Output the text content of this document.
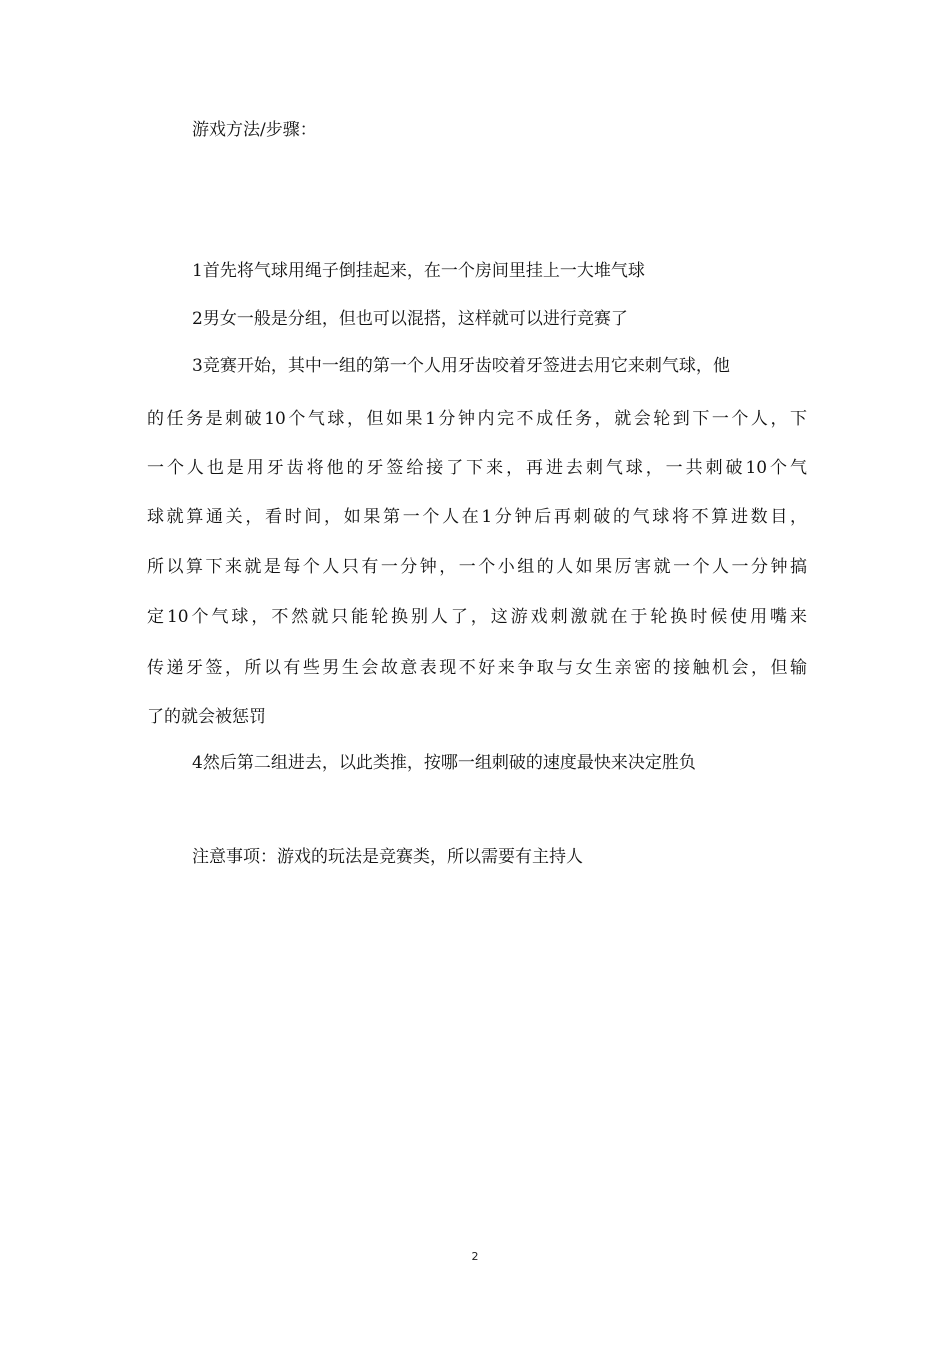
游戏方法/步骤：
1首先将气球用绳子倒挂起来，在一个房间里挂上一大堆气球
2男女一般是分组，但也可以混搭，这样就可以进行竞赛了
3竞赛开始，其中一组的第一个人用牙齿咬着牙签进去用它来刺气球，他
的任务是刺破10个气球，但如果1分钟内完不成任务，就会轮到下一个人，下
一个人也是用牙齿将他的牙签给接了下来，再进去刺气球，一共刺破10个气
球就算通关，看时间，如果第一个人在1分钟后再刺破的气球将不算进数目，
所以算下来就是每个人只有一分钟，一个小组的人如果厉害就一个人一分钟搞
定10个气球，不然就只能轮换别人了，这游戏刺激就在于轮换时候使用嘴来
传递牙签，所以有些男生会故意表现不好来争取与女生亲密的接触机会，但输
了的就会被惩罚
4然后第二组进去，以此类推，按哪一组刺破的速度最快来决定胜负
注意事项：游戏的玩法是竞赛类，所以需要有主持人
2
